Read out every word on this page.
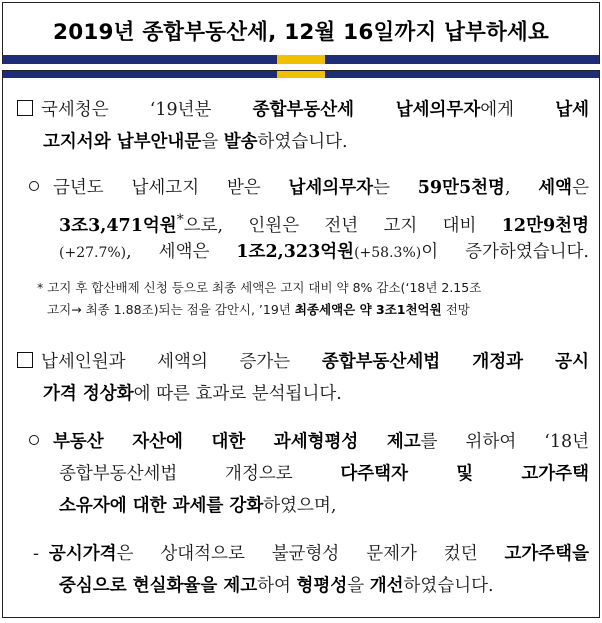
2019년 종합부동산세, 12월 16일까지 납부하세요
국세청은 ‘19년분 종합부동산세 납세의무자에게 납세
고지서와 납부안내문을 발송하였습니다.
금년도 납세고지 받은 납세의무자는 59만5천명, 세액은
3조3,471억원*으로, 인원은 전년 고지 대비 12만9천명
(+27.7%), 세액은 1조2,323억원(+58.3%)이 증가하였습니다.
* 고지 후 합산배제 신청 등으로 최종 세액은 고지 대비 약 8% 감소(‘18년 2.15조
고지→ 최종 1.88조)되는 점을 감안시, ’19년 최종세액은 약 3조1천억원 전망
납세인원과 세액의 증가는 종합부동산세법 개정과 공시
가격 정상화에 따른 효과로 분석됩니다.
부동산 자산에 대한 과세형평성 제고를 위하여 ‘18년
종합부동산세법 개정으로 다주택자 및 고가주택
소유자에 대한 과세를 강화하였으며,
- 공시가격은 상대적으로 불균형성 문제가 컸던 고가주택을
중심으로 현실화율을 제고하여 형평성을 개선하였습니다.
